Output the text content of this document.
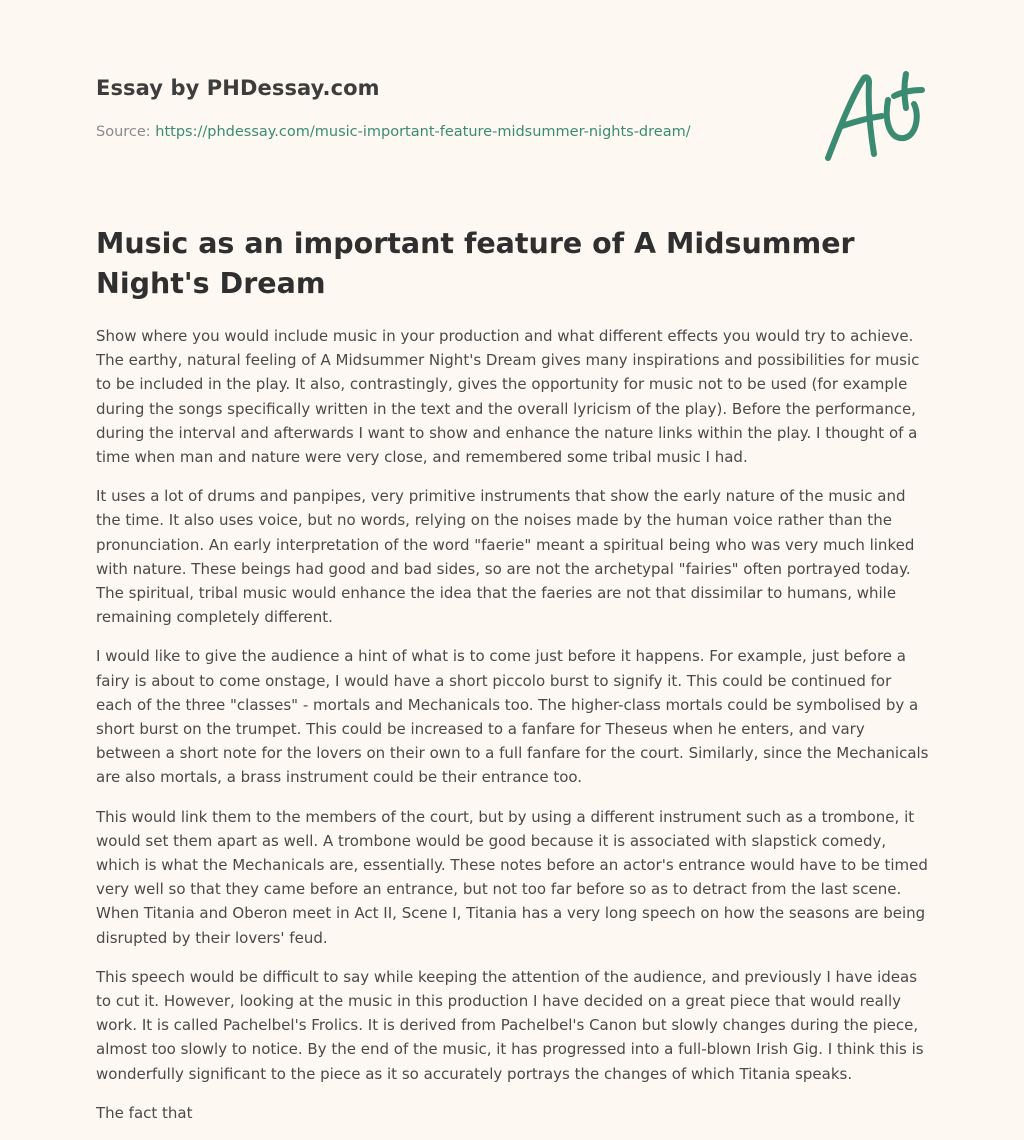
Essay by PHDessay.com

Source: https://phdessay.com/music-important-feature-midsummer-nights-dream/

Music as an important feature of A Midsummer Night's Dream

Show where you would include music in your production and what different effects you would try to achieve. The earthy, natural feeling of A Midsummer Night's Dream gives many inspirations and possibilities for music to be included in the play. It also, contrastingly, gives the opportunity for music not to be used (for example during the songs specifically written in the text and the overall lyricism of the play). Before the performance, during the interval and afterwards I want to show and enhance the nature links within the play. I thought of a time when man and nature were very close, and remembered some tribal music I had.

It uses a lot of drums and panpipes, very primitive instruments that show the early nature of the music and the time. It also uses voice, but no words, relying on the noises made by the human voice rather than the pronunciation. An early interpretation of the word "faerie" meant a spiritual being who was very much linked with nature. These beings had good and bad sides, so are not the archetypal "fairies" often portrayed today. The spiritual, tribal music would enhance the idea that the faeries are not that dissimilar to humans, while remaining completely different.

I would like to give the audience a hint of what is to come just before it happens. For example, just before a fairy is about to come onstage, I would have a short piccolo burst to signify it. This could be continued for each of the three "classes" - mortals and Mechanicals too. The higher-class mortals could be symbolised by a short burst on the trumpet. This could be increased to a fanfare for Theseus when he enters, and vary between a short note for the lovers on their own to a full fanfare for the court. Similarly, since the Mechanicals are also mortals, a brass instrument could be their entrance too.

This would link them to the members of the court, but by using a different instrument such as a trombone, it would set them apart as well. A trombone would be good because it is associated with slapstick comedy, which is what the Mechanicals are, essentially. These notes before an actor's entrance would have to be timed very well so that they came before an entrance, but not too far before so as to detract from the last scene. When Titania and Oberon meet in Act II, Scene I, Titania has a very long speech on how the seasons are being disrupted by their lovers' feud.

This speech would be difficult to say while keeping the attention of the audience, and previously I have ideas to cut it. However, looking at the music in this production I have decided on a great piece that would really work. It is called Pachelbel's Frolics. It is derived from Pachelbel's Canon but slowly changes during the piece, almost too slowly to notice. By the end of the music, it has progressed into a full-blown Irish Gig. I think this is wonderfully significant to the piece as it so accurately portrays the changes of which Titania speaks.

The fact that
